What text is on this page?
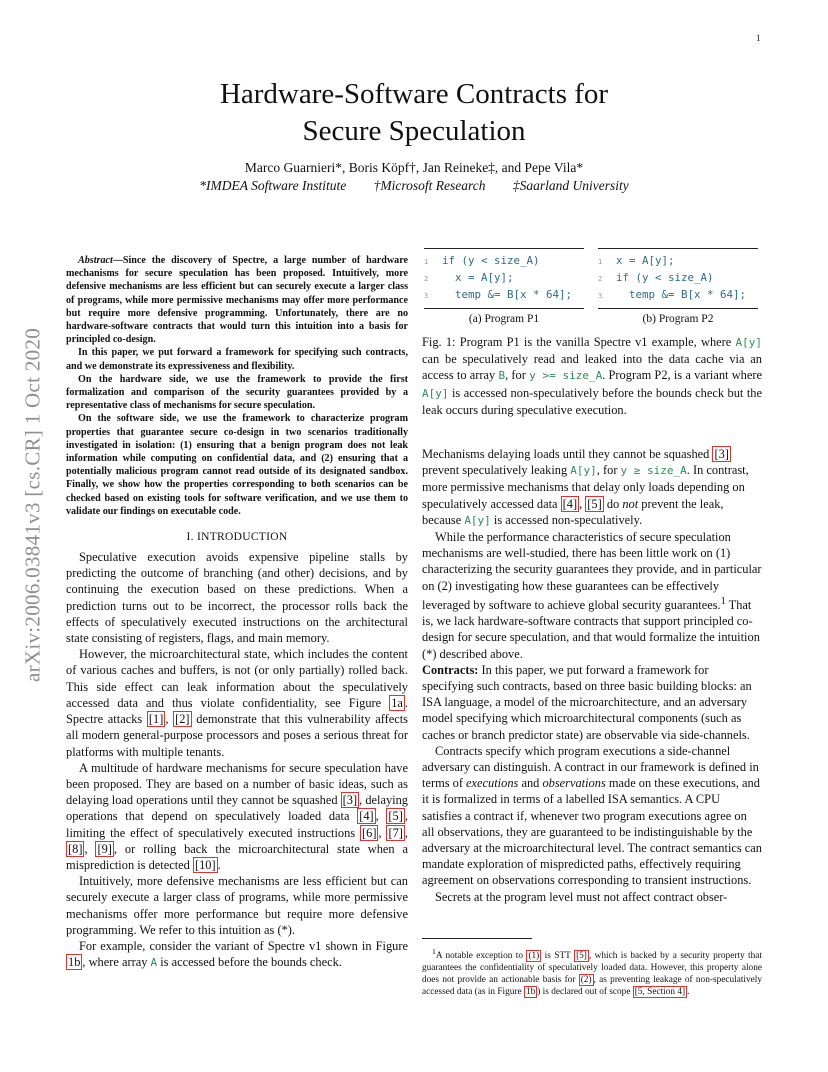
1
arXiv:2006.03841v3 [cs.CR] 1 Oct 2020
Hardware-Software Contracts for
Secure Speculation
Marco Guarnieri*, Boris Köpf†, Jan Reineke‡, and Pepe Vila*
*IMDEA Software Institute †Microsoft Research ‡Saarland University

Abstract—Since the discovery of Spectre, a large number of hardware mechanisms for secure speculation has been proposed. Intuitively, more defensive mechanisms are less efficient but can securely execute a larger class of programs, while more permissive mechanisms may offer more performance but require more defensive programming. Unfortunately, there are no hardware-software contracts that would turn this intuition into a basis for principled co-design.

In this paper, we put forward a framework for specifying such contracts, and we demonstrate its expressiveness and flexibility.

On the hardware side, we use the framework to provide the first formalization and comparison of the security guarantees provided by a representative class of mechanisms for secure speculation.

On the software side, we use the framework to characterize program properties that guarantee secure co-design in two scenarios traditionally investigated in isolation: (1) ensuring that a benign program does not leak information while computing on confidential data, and (2) ensuring that a potentially malicious program cannot read outside of its designated sandbox. Finally, we show how the properties corresponding to both scenarios can be checked based on existing tools for software verification, and we use them to validate our findings on executable code.

I. INTRODUCTION

Speculative execution avoids expensive pipeline stalls by predicting the outcome of branching (and other) decisions, and by continuing the execution based on these predictions. When a prediction turns out to be incorrect, the processor rolls back the effects of speculatively executed instructions on the architectural state consisting of registers, flags, and main memory.

However, the microarchitectural state, which includes the content of various caches and buffers, is not (or only partially) rolled back. This side effect can leak information about the speculatively accessed data and thus violate confidentiality, see Figure 1a . Spectre attacks [1] , [2] demonstrate that this vulnerability affects all modern general-purpose processors and poses a serious threat for platforms with multiple tenants.

A multitude of hardware mechanisms for secure speculation have been proposed. They are based on a number of basic ideas, such as delaying load operations until they cannot be squashed [3] , delaying operations that depend on speculatively loaded data [4] , [5] , limiting the effect of speculatively executed instructions [6] , [7] , [8] , [9] , or rolling back the microarchitectural state when a misprediction is detected [10] .

Intuitively, more defensive mechanisms are less efficient but can securely execute a larger class of programs, while more permissive mechanisms offer more performance but require more defensive programming. We refer to this intuition as (*).

For example, consider the variant of Spectre v1 shown in Figure 1b , where array A is accessed before the bounds check.

1 if (y < size_A)
2  x = A[y];
3  temp &= B[x * 64];
1 x = A[y];
2 if (y < size_A)
3  temp &= B[x * 64];
(a) Program P1	(b) Program P2
Fig. 1: Program P1 is the vanilla Spectre v1 example, where A[y] can be speculatively read and leaked into the data cache via an access to array B, for y >= size_A. Program P2, is a variant where A[y] is accessed non-speculatively before the bounds check but the leak occurs during speculative execution.

Mechanisms delaying loads until they cannot be squashed [3] prevent speculatively leaking A[y], for y ≥ size_A. In contrast, more permissive mechanisms that delay only loads depending on speculatively accessed data [4] , [5] do not prevent the leak, because A[y] is accessed non-speculatively.

While the performance characteristics of secure speculation mechanisms are well-studied, there has been little work on (1) characterizing the security guarantees they provide, and in particular on (2) investigating how these guarantees can be effectively leveraged by software to achieve global security guarantees.$^1$ That is, we lack hardware-software contracts that support principled co-design for secure speculation, and that would formalize the intuition (*) described above.

Contracts: In this paper, we put forward a framework for specifying such contracts, based on three basic building blocks: an ISA language, a model of the microarchitecture, and an adversary model specifying which microarchitectural components (such as caches or branch predictor state) are observable via side-channels.

Contracts specify which program executions a side-channel adversary can distinguish. A contract in our framework is defined in terms of executions and observations made on these executions, and it is formalized in terms of a labelled ISA semantics. A CPU satisfies a contract if, whenever two program executions agree on all observations, they are guaranteed to be indistinguishable by the adversary at the microarchitectural level. The contract semantics can mandate exploration of mispredicted paths, effectively requiring agreement on observations corresponding to transient instructions.

Secrets at the program level must not affect contract obser-

$^1$A notable exception to (1) is STT [5] , which is backed by a security property that guarantees the confidentiality of speculatively loaded data. However, this property alone does not provide an actionable basis for (2) , as preventing leakage of non-speculatively accessed data (as in Figure 1b ) is declared out of scope [5, Section 4] .
